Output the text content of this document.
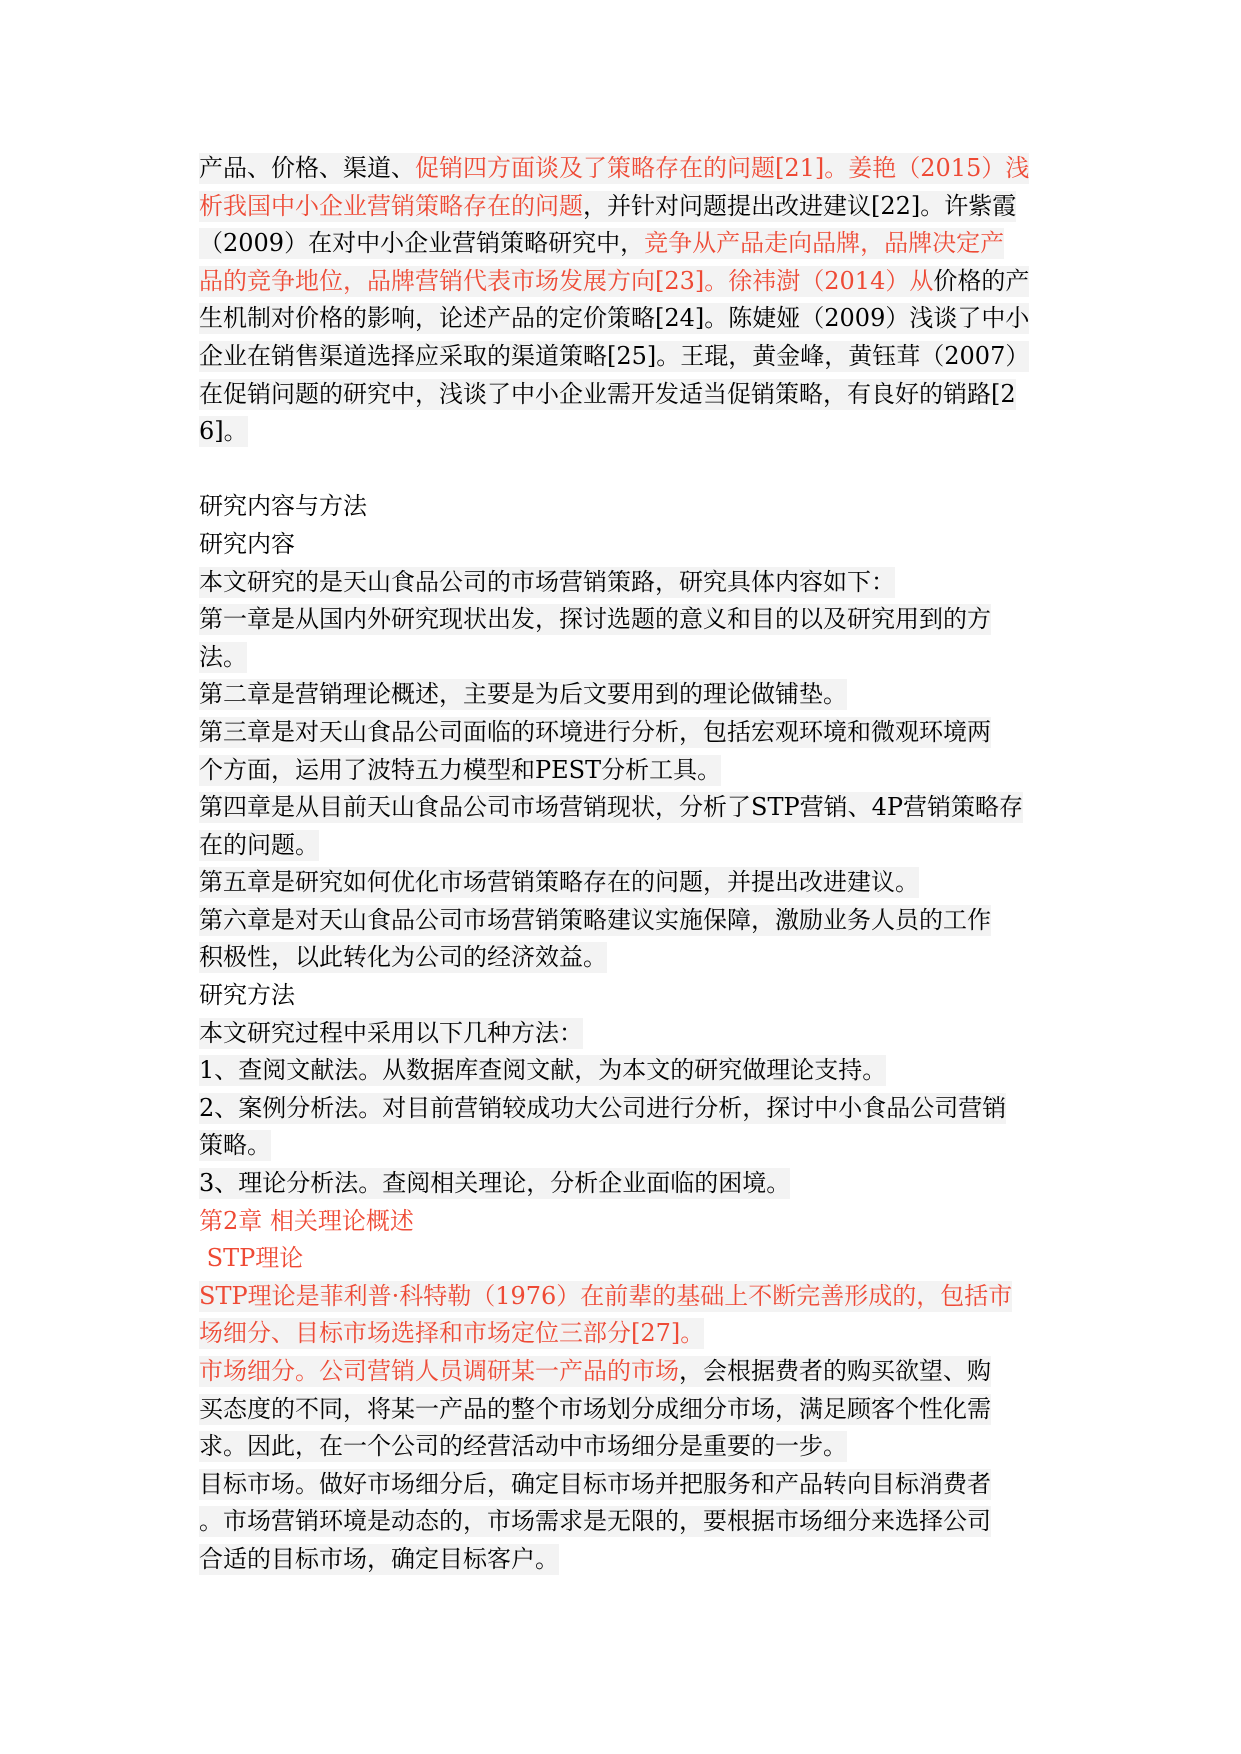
产品、价格、渠道、促销四方面谈及了策略存在的问题[21]。姜艳（2015）浅
析我国中小企业营销策略存在的问题，并针对问题提出改进建议[22]。许紫霞
（2009）在对中小企业营销策略研究中，竞争从产品走向品牌，品牌决定产
品的竞争地位，品牌营销代表市场发展方向[23]。徐祎澍（2014）从价格的产
生机制对价格的影响，论述产品的定价策略[24]。陈婕娅（2009）浅谈了中小
企业在销售渠道选择应采取的渠道策略[25]。王琨，黄金峰，黄钰茸（2007）
在促销问题的研究中，浅谈了中小企业需开发适当促销策略，有良好的销路[2
6]。
研究内容与方法
研究内容
本文研究的是天山食品公司的市场营销策路，研究具体内容如下：
第一章是从国内外研究现状出发，探讨选题的意义和目的以及研究用到的方
法。
第二章是营销理论概述，主要是为后文要用到的理论做铺垫。
第三章是对天山食品公司面临的环境进行分析，包括宏观环境和微观环境两
个方面，运用了波特五力模型和PEST分析工具。
第四章是从目前天山食品公司市场营销现状，分析了STP营销、4P营销策略存
在的问题。
第五章是研究如何优化市场营销策略存在的问题，并提出改进建议。
第六章是对天山食品公司市场营销策略建议实施保障，激励业务人员的工作
积极性，以此转化为公司的经济效益。
研究方法
本文研究过程中采用以下几种方法：
1、查阅文献法。从数据库查阅文献，为本文的研究做理论支持。
2、案例分析法。对目前营销较成功大公司进行分析，探讨中小食品公司营销
策略。
3、理论分析法。查阅相关理论，分析企业面临的困境。
第2章 相关理论概述
STP理论
STP理论是菲利普·科特勒（1976）在前辈的基础上不断完善形成的，包括市
场细分、目标市场选择和市场定位三部分[27]。
市场细分。公司营销人员调研某一产品的市场，会根据费者的购买欲望、购
买态度的不同，将某一产品的整个市场划分成细分市场，满足顾客个性化需
求。因此，在一个公司的经营活动中市场细分是重要的一步。
目标市场。做好市场细分后，确定目标市场并把服务和产品转向目标消费者
。市场营销环境是动态的，市场需求是无限的，要根据市场细分来选择公司
合适的目标市场，确定目标客户。
